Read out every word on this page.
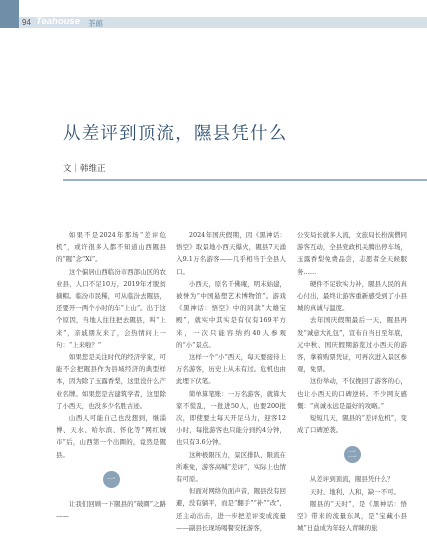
94 Teahouse 茶館
从差评到顶流，隰县凭什么
文｜韩维正

如果不是2024年那场“差评危机”，或许很多人都不知道山西隰县的“隰”念“Xí”。

这个偏居山西临汾市西部山区的农业县，人口不足10万，2019年才脱贫摘帽。临汾市民稀，可从临汾去隰县，还要开一两个小时的车“上山”。出于这个原因，当地人往往把去隰县，叫“上来”，亲戚朋友来了，会热情问上一句：“上来啦？”

如果您是关注时代的经济学家，可能不会把隰县作为县域经济的典型样本，因为除了玉露香梨，这里没什么产业名牌。如果您是古建筑学者，这里除了小西天，也没多少名胜古迹。

山西人可能自己也没想到，继淄博、天水、哈尔滨、怀化等“网红城市”后，山西第一个出圈的，竟然是隰县。

一

让我们回顾一下隰县的“破圈”之路——

2024年国庆假期，因《黑神话：悟空》取景地小西天爆火，隰县7天涌入9.1万名游客——几乎相当于全县人口。

小西天，原名千佛庵，明末始建，被誉为“中国悬塑艺术博物馆”。游戏《黑神话：悟空》中的同款“大雄宝殿”，就实中其实是有仅有169平方米，一次只能容纳约40人参观的“小”景点。

这样一个“小”西天，每天要接待上万名游客，历史上从未有过。危机也由此埋下伏笔。

简单算笔账：一万名游客，就算大家不慌乱，一批进50人，也要200批次，即使要土每天开足马力，迎客12小时，每批游客也只能分到约4分钟，也只有3.6分钟。

这种极限压力，景区排队、限流在所难免，游客高喊“差评”，实际上也情有可原。

但面对网络负面声音，隰县没有回避，没有躺平，而是“翻手”“补”“改”，还主动出击，进一步把差评变成流量——副县长现场喝餐安抚游客，

公安局长就多人流，文旅局长扮演僧同游客互动，全县党政机关腾出停车场，玉露香梨免费品尝，志愿者全天候服务……

硬件不足软实力补，隰县人民的真心付出，最终让游客重新感受到了小县城的真诚与温度。

去年国庆假期最后一天，隰县再发“诚意大礼包”，宣布自当日至年底，元中秋、国庆假期游览过小西天的游客，拿着购票凭证，可再次进入景区参观，免票。

这份举动，不仅挽回了游客的心，也让小西天的口碑逆转。不少网友感慨：“真诚永远是最好的攻略。”

短短几天，隰县的“差评危机”，变成了口碑逆袭。

二

从差评到顶流，隰县凭什么？

天时、地利、人和，缺一不可。

隰县的“天时”，是《黑神话：悟空》带来的流量东风，是“宝藏小县城”日益成为年轻人青睐的旅
